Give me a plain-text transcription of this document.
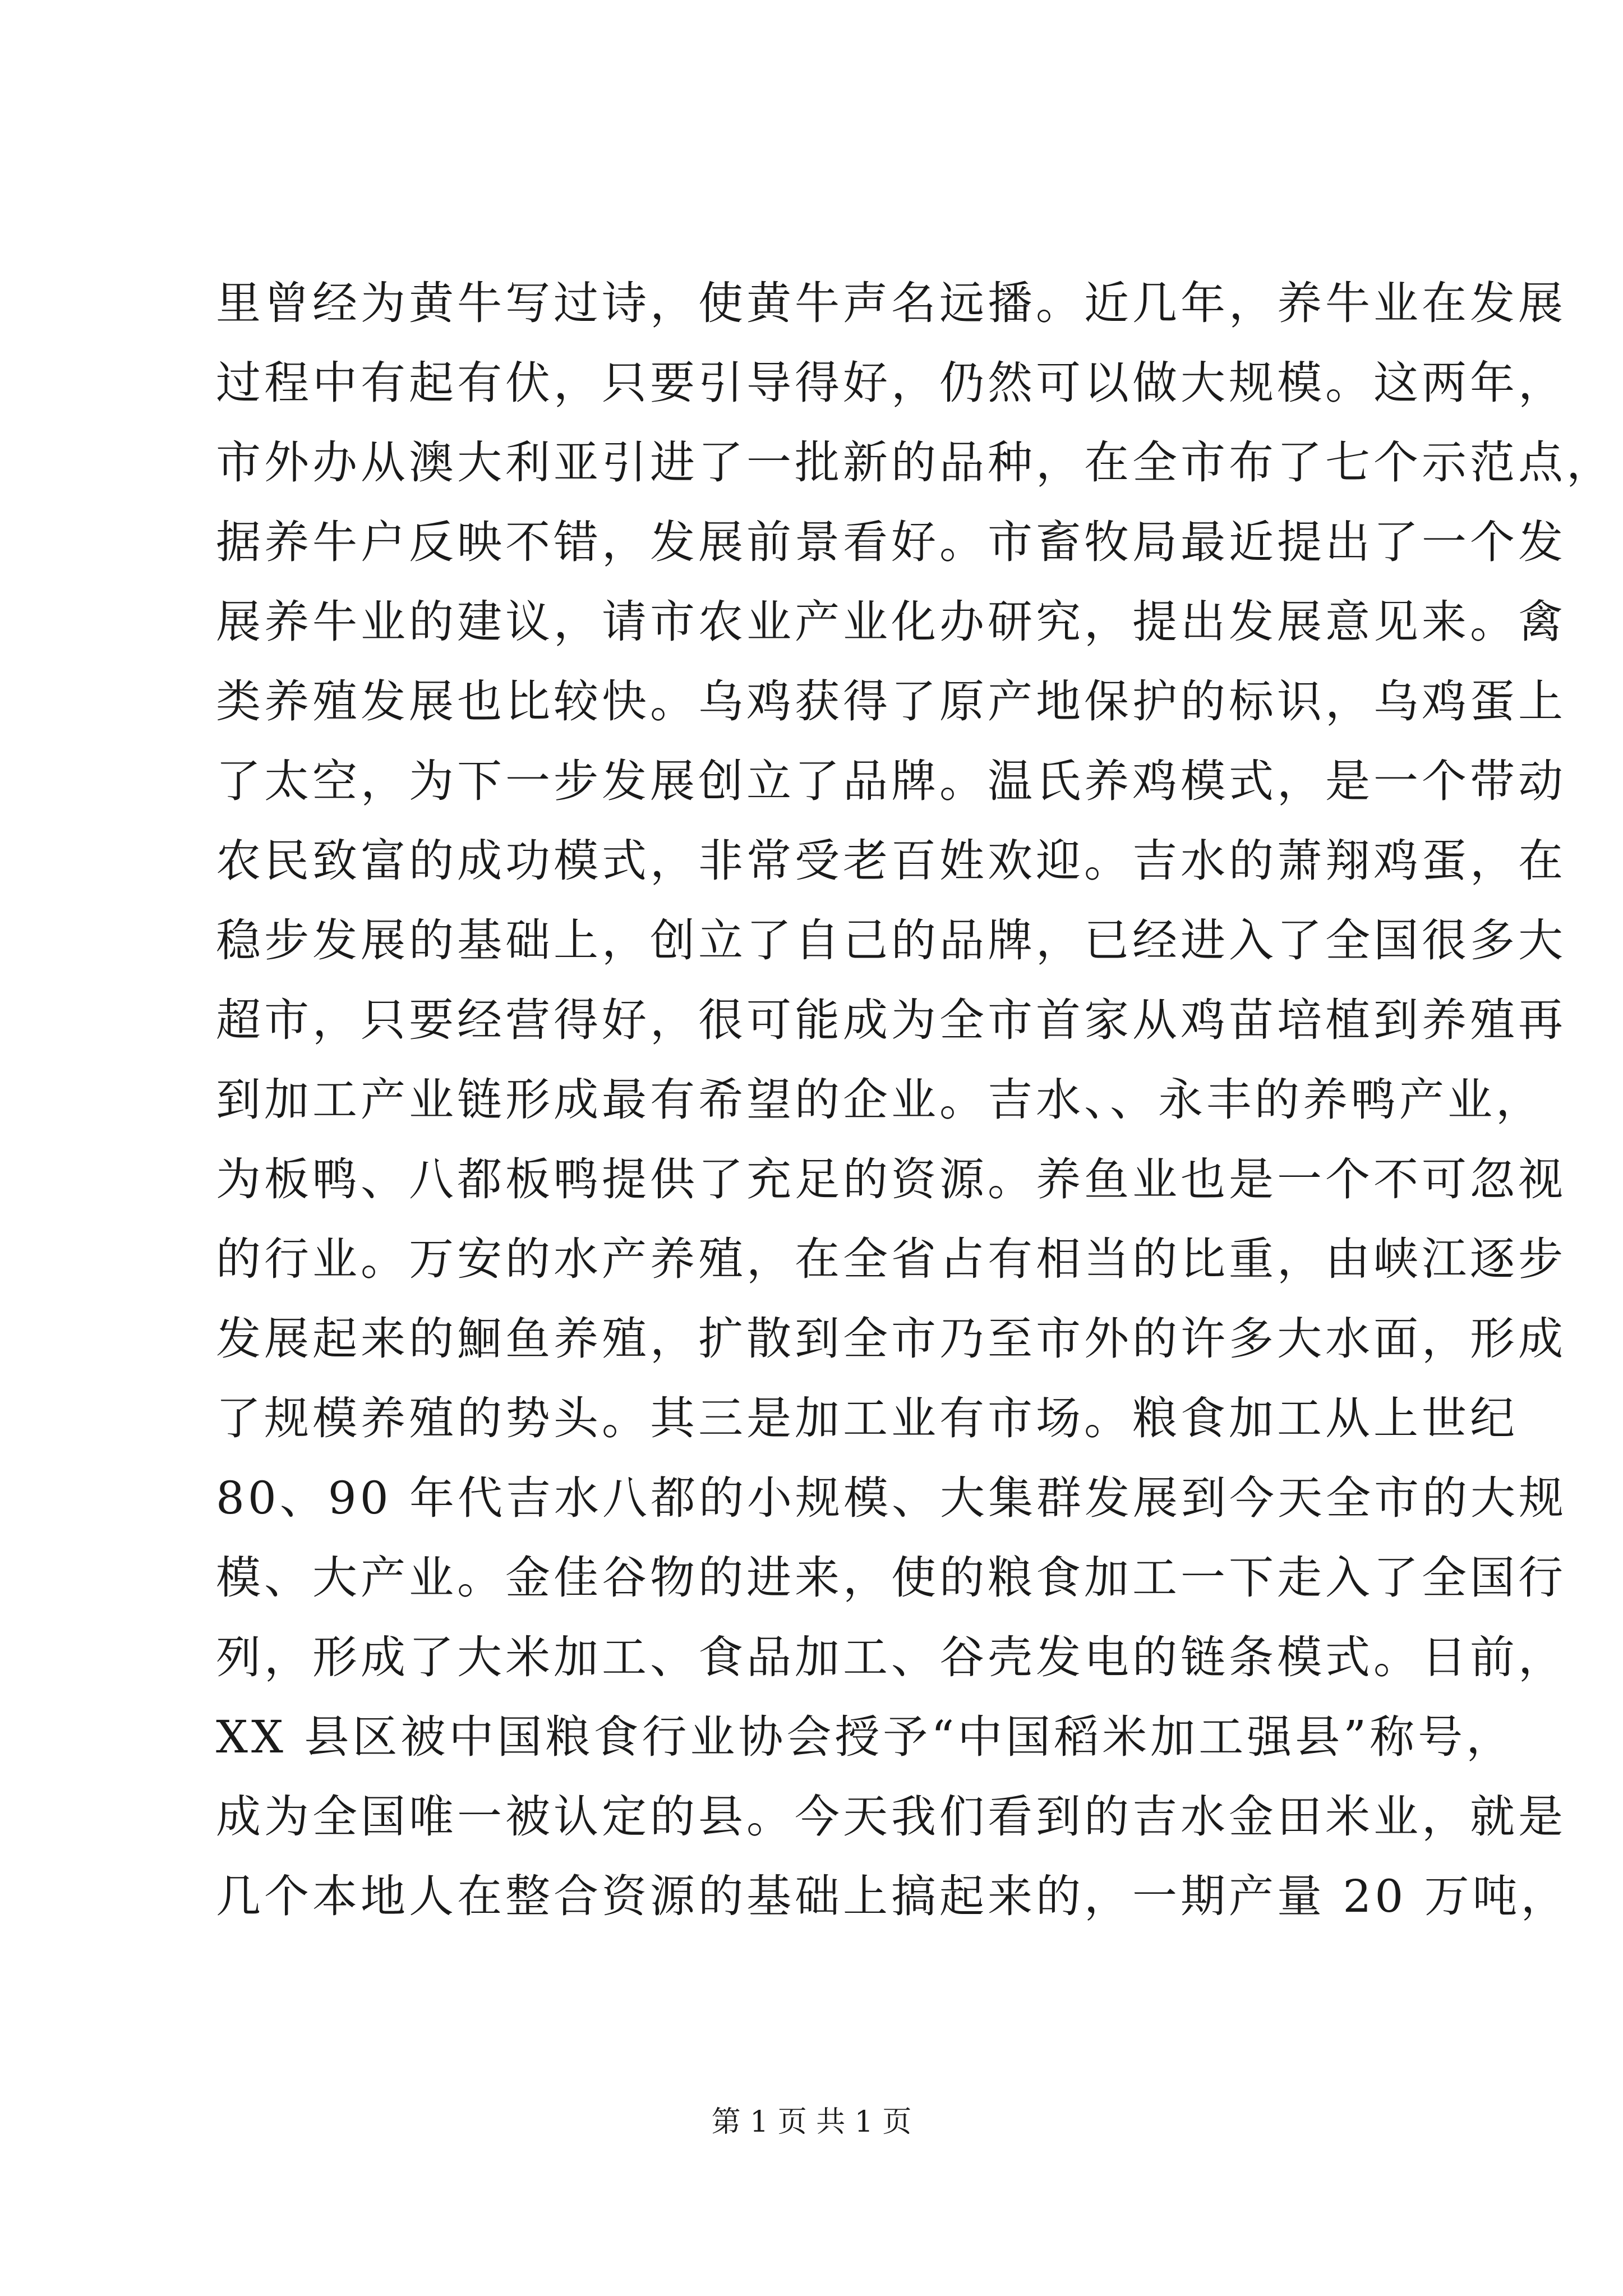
里曾经为黄牛写过诗，使黄牛声名远播。近几年，养牛业在发展
过程中有起有伏，只要引导得好，仍然可以做大规模。这两年，
市外办从澳大利亚引进了一批新的品种，在全市布了七个示范点，
据养牛户反映不错，发展前景看好。市畜牧局最近提出了一个发
展养牛业的建议，请市农业产业化办研究，提出发展意见来。禽
类养殖发展也比较快。乌鸡获得了原产地保护的标识，乌鸡蛋上
了太空，为下一步发展创立了品牌。温氏养鸡模式，是一个带动
农民致富的成功模式，非常受老百姓欢迎。吉水的萧翔鸡蛋，在
稳步发展的基础上，创立了自己的品牌，已经进入了全国很多大
超市，只要经营得好，很可能成为全市首家从鸡苗培植到养殖再
到加工产业链形成最有希望的企业。吉水、、永丰的养鸭产业，
为板鸭、八都板鸭提供了充足的资源。养鱼业也是一个不可忽视
的行业。万安的水产养殖，在全省占有相当的比重，由峡江逐步
发展起来的鮰鱼养殖，扩散到全市乃至市外的许多大水面，形成
了规模养殖的势头。其三是加工业有市场。粮食加工从上世纪
80、90 年代吉水八都的小规模、大集群发展到今天全市的大规
模、大产业。金佳谷物的进来，使的粮食加工一下走入了全国行
列，形成了大米加工、食品加工、谷壳发电的链条模式。日前，
XX 县区被中国粮食行业协会授予“中国稻米加工强县”称号，
成为全国唯一被认定的县。今天我们看到的吉水金田米业，就是
几个本地人在整合资源的基础上搞起来的，一期产量 20 万吨，
第 1 页 共 1 页
